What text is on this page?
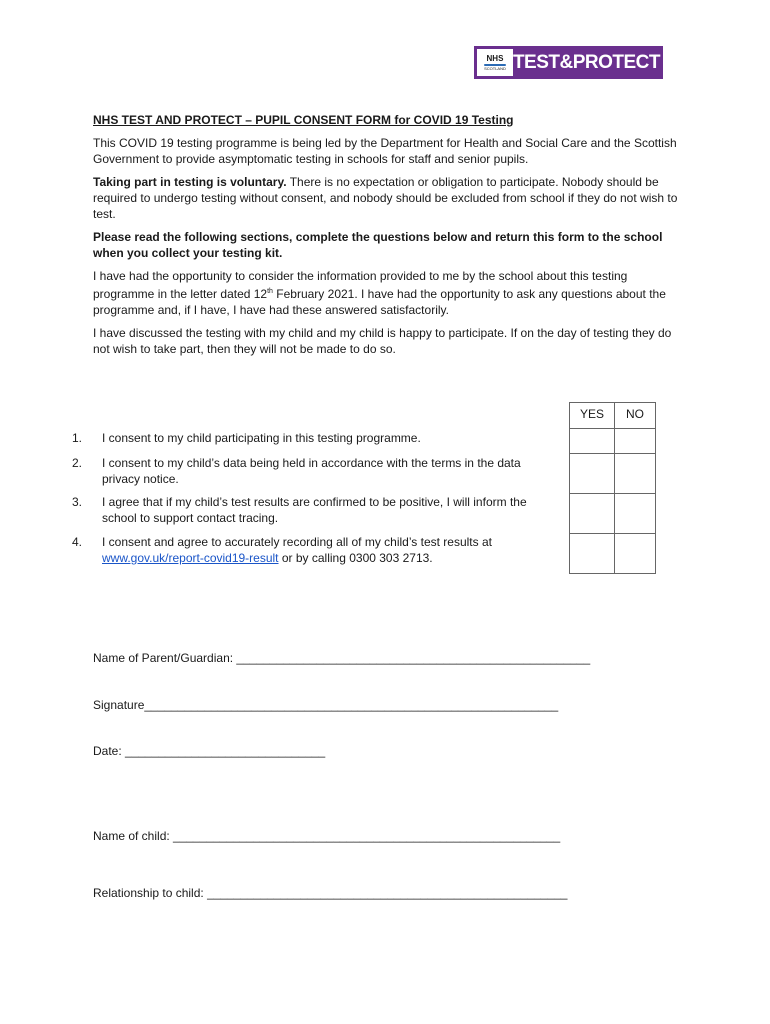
NHS
SCOTLAND TEST&PROTECT

NHS TEST AND PROTECT – PUPIL CONSENT FORM for COVID 19 Testing

This COVID 19 testing programme is being led by the Department for Health and Social Care and the Scottish Government to provide asymptomatic testing in schools for staff and senior pupils.

Taking part in testing is voluntary. There is no expectation or obligation to participate. Nobody should be required to undergo testing without consent, and nobody should be excluded from school if they do not wish to test.

Please read the following sections, complete the questions below and return this form to the school when you collect your testing kit.

I have had the opportunity to consider the information provided to me by the school about this testing programme in the letter dated 12th February 2021. I have had the opportunity to ask any questions about the programme and, if I have, I have had these answered satisfactorily.

I have discussed the testing with my child and my child is happy to participate. If on the day of testing they do not wish to take part, then they will not be made to do so.

1.	I consent to my child participating in this testing programme.
2.	I consent to my child’s data being held in accordance with the terms in the data privacy notice.
3.	I agree that if my child’s test results are confirmed to be positive, I will inform the school to support contact tracing.
4.	I consent and agree to accurately recording all of my child’s test results at www.gov.uk/report-covid19-result or by calling 0300 303 2713.
YES	NO

Name of Parent/Guardian: _____________________________________________________
Signature______________________________________________________________
Date: ______________________________
Name of child: __________________________________________________________
Relationship to child: ______________________________________________________
